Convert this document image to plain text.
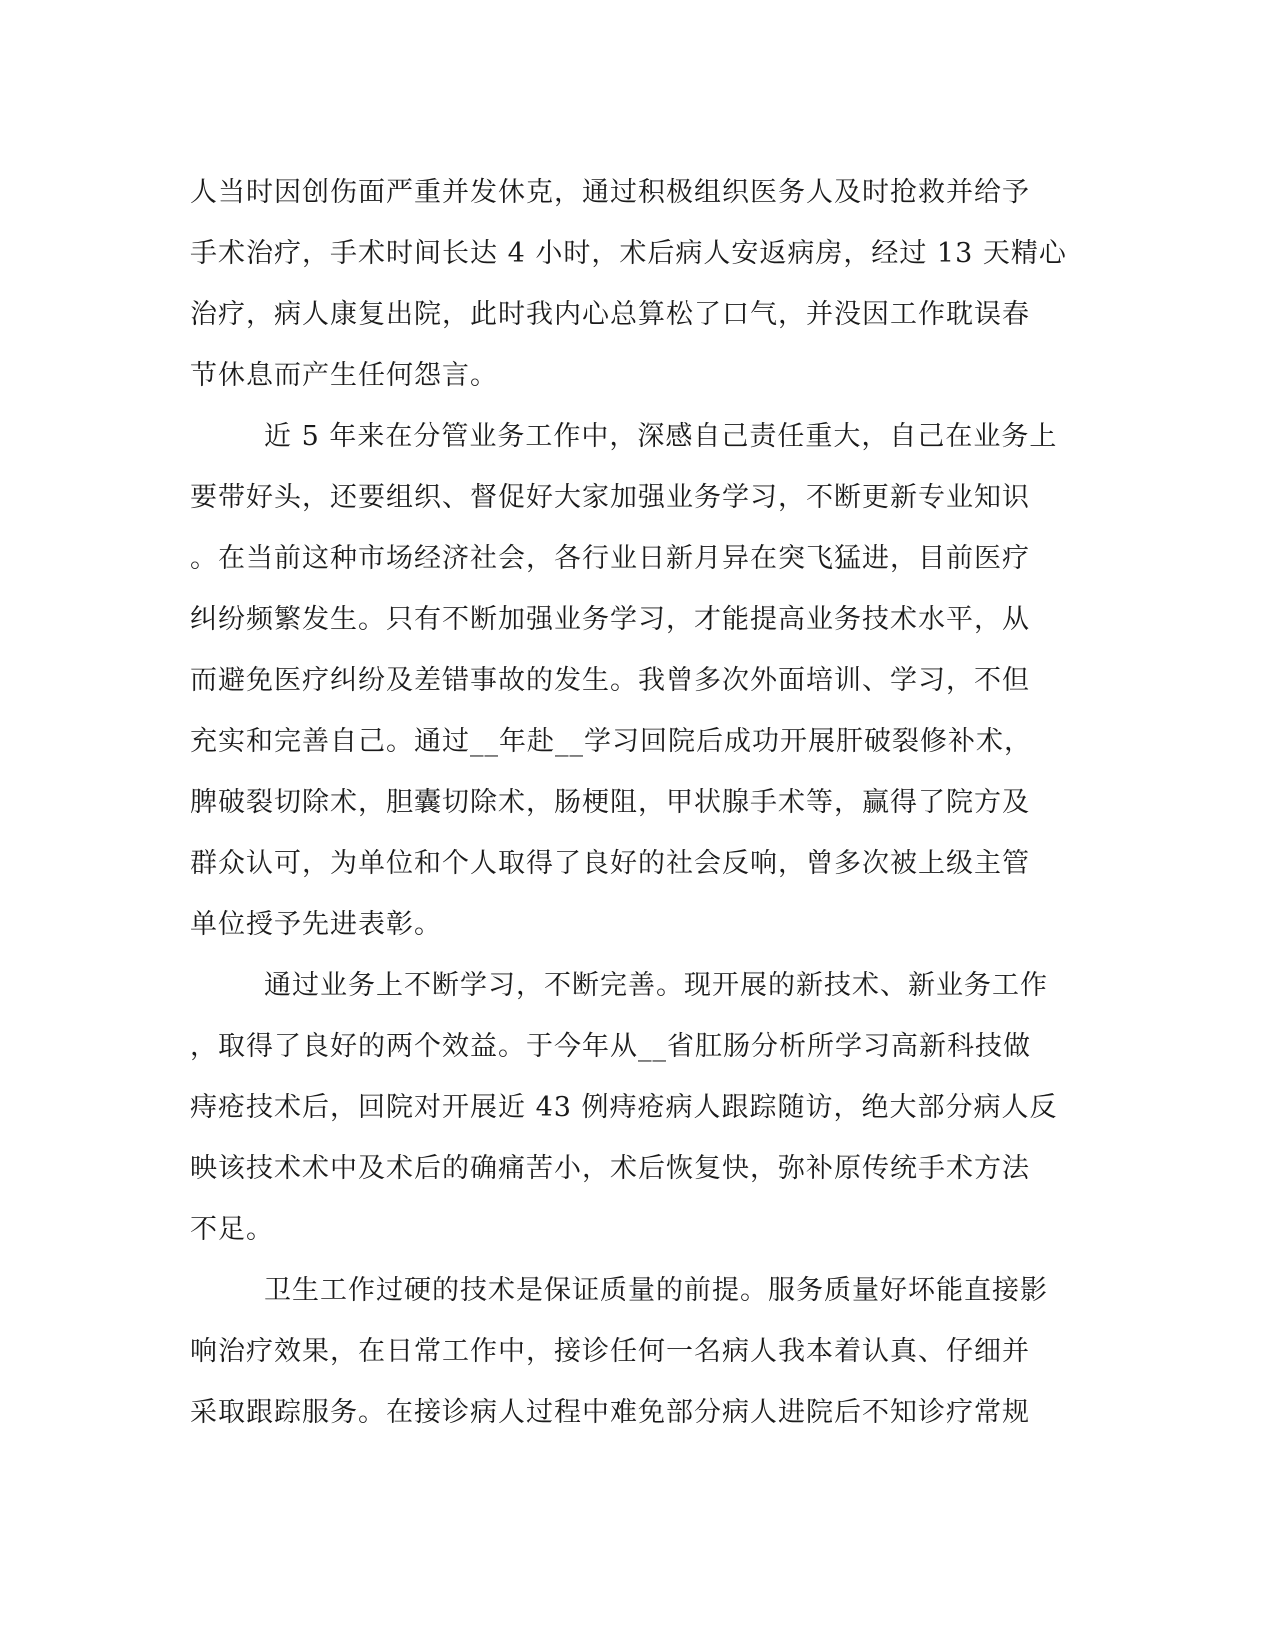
人当时因创伤面严重并发休克，通过积极组织医务人及时抢救并给予
手术治疗，手术时间长达 4 小时，术后病人安返病房，经过 13 天精心
治疗，病人康复出院，此时我内心总算松了口气，并没因工作耽误春
节休息而产生任何怨言。
近 5 年来在分管业务工作中，深感自己责任重大，自己在业务上
要带好头，还要组织、督促好大家加强业务学习，不断更新专业知识
。在当前这种市场经济社会，各行业日新月异在突飞猛进，目前医疗
纠纷频繁发生。只有不断加强业务学习，才能提高业务技术水平，从
而避免医疗纠纷及差错事故的发生。我曾多次外面培训、学习，不但
充实和完善自己。通过__年赴__学习回院后成功开展肝破裂修补术，
脾破裂切除术，胆囊切除术，肠梗阻，甲状腺手术等，赢得了院方及
群众认可，为单位和个人取得了良好的社会反响，曾多次被上级主管
单位授予先进表彰。
通过业务上不断学习，不断完善。现开展的新技术、新业务工作
，取得了良好的两个效益。于今年从__省肛肠分析所学习高新科技做
痔疮技术后，回院对开展近 43 例痔疮病人跟踪随访，绝大部分病人反
映该技术术中及术后的确痛苦小，术后恢复快，弥补原传统手术方法
不足。
卫生工作过硬的技术是保证质量的前提。服务质量好坏能直接影
响治疗效果，在日常工作中，接诊任何一名病人我本着认真、仔细并
采取跟踪服务。在接诊病人过程中难免部分病人进院后不知诊疗常规
